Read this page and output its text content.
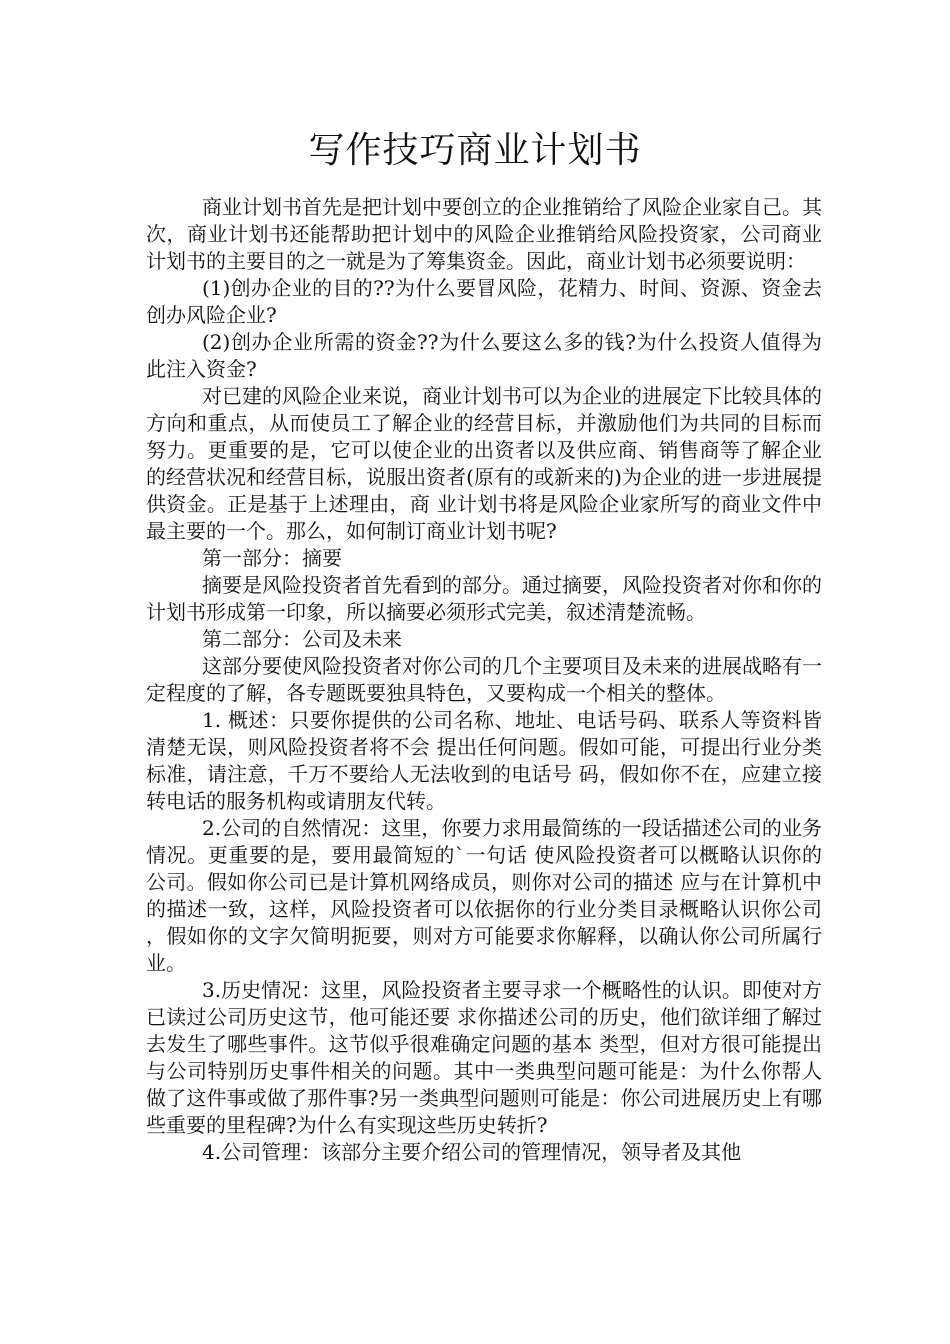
写作技巧商业计划书

商业计划书首先是把计划中要创立的企业推销给了风险企业家自己。其次，商业计划书还能帮助把计划中的风险企业推销给风险投资家，公司商业计划书的主要目的之一就是为了筹集资金。因此，商业计划书必须要说明：

(1)创办企业的目的??为什么要冒风险，花精力、时间、资源、资金去创办风险企业?

(2)创办企业所需的资金??为什么要这么多的钱?为什么投资人值得为此注入资金?

对已建的风险企业来说，商业计划书可以为企业的进展定下比较具体的方向和重点，从而使员工了解企业的经营目标，并激励他们为共同的目标而努力。更重要的是，它可以使企业的出资者以及供应商、销售商等了解企业的经营状况和经营目标，说服出资者(原有的或新来的)为企业的进一步进展提供资金。正是基于上述理由，商 业计划书将是风险企业家所写的商业文件中最主要的一个。那么，如何制订商业计划书呢?

第一部分：摘要

摘要是风险投资者首先看到的部分。通过摘要，风险投资者对你和你的计划书形成第一印象，所以摘要必须形式完美，叙述清楚流畅。

第二部分：公司及未来

这部分要使风险投资者对你公司的几个主要项目及未来的进展战略有一定程度的了解，各专题既要独具特色，又要构成一个相关的整体。

1. 概述：只要你提供的公司名称、地址、电话号码、联系人等资料皆清楚无误，则风险投资者将不会 提出任何问题。假如可能，可提出行业分类标准，请注意，千万不要给人无法收到的电话号 码，假如你不在，应建立接转电话的服务机构或请朋友代转。

2.公司的自然情况：这里，你要力求用最简练的一段话描述公司的业务情况。更重要的是，要用最简短的`一句话 使风险投资者可以概略认识你的公司。假如你公司已是计算机网络成员，则你对公司的描述 应与在计算机中的描述一致，这样，风险投资者可以依据你的行业分类目录概略认识你公司 ，假如你的文字欠简明扼要，则对方可能要求你解释，以确认你公司所属行业。

3.历史情况：这里，风险投资者主要寻求一个概略性的认识。即使对方已读过公司历史这节，他可能还要 求你描述公司的历史，他们欲详细了解过去发生了哪些事件。这节似乎很难确定问题的基本 类型，但对方很可能提出与公司特别历史事件相关的问题。其中一类典型问题可能是：为什么你帮人做了这件事或做了那件事?另一类典型问题则可能是：你公司进展历史上有哪些重要的里程碑?为什么有实现这些历史转折?

4.公司管理：该部分主要介绍公司的管理情况，领导者及其他
